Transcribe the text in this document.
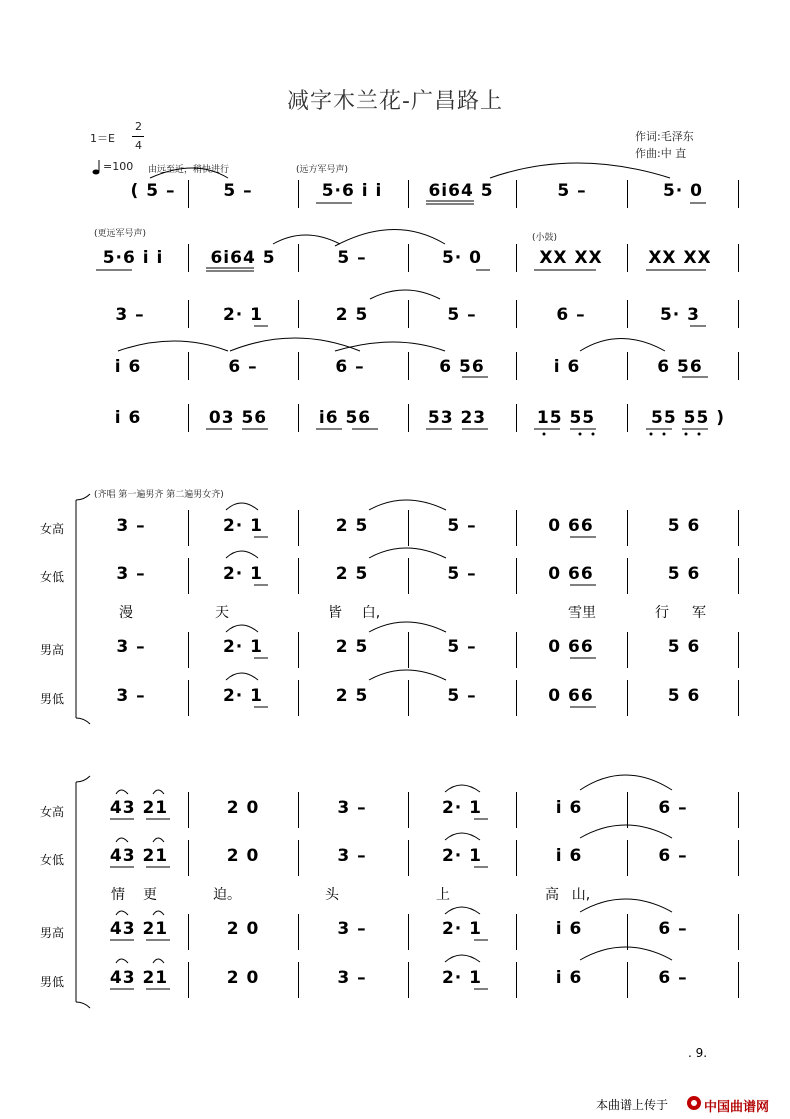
减字木兰花-广昌路上
1＝E
2
4
=100 由远至近，稍快进行
作词:毛泽东
作曲:中 直
(远方军号声)
(更远军号声)	(小鼓)
( 5 –	5 –	5·6 i i	6i64 5	5 –	5· 0
5·6 i i	6i64 5	5 –	5· 0	XX XX	XX XX
3 –	2· 1	2 5	5 –	6 –	5· 3
i 6	6 –	6 –	6 56	i 6	6 56
i 6	03 56	i6 56	53 23	15 55	55 55 )
(齐唱 第一遍男齐 第二遍男女齐)
女高
女低
男高
男低
3 –	2· 1	2 5	5 –	0 66	5 6
3 –	2· 1	2 5	5 –	0 66	5 6
漫	天	皆 白,	雪里	行 军
3 –	2· 1	2 5	5 –	0 66	5 6
3 –	2· 1	2 5	5 –	0 66	5 6
女高
女低
男高
男低
43 21	2 0	3 –	2· 1	i 6	6 –
43 21	2 0	3 –	2· 1	i 6	6 –
情 更	迫。	头	上	高 山,
43 21	2 0	3 –	2· 1	i 6	6 –
43 21	2 0	3 –	2· 1	i 6	6 –
. 9.
本曲谱上传于	中国曲谱网
